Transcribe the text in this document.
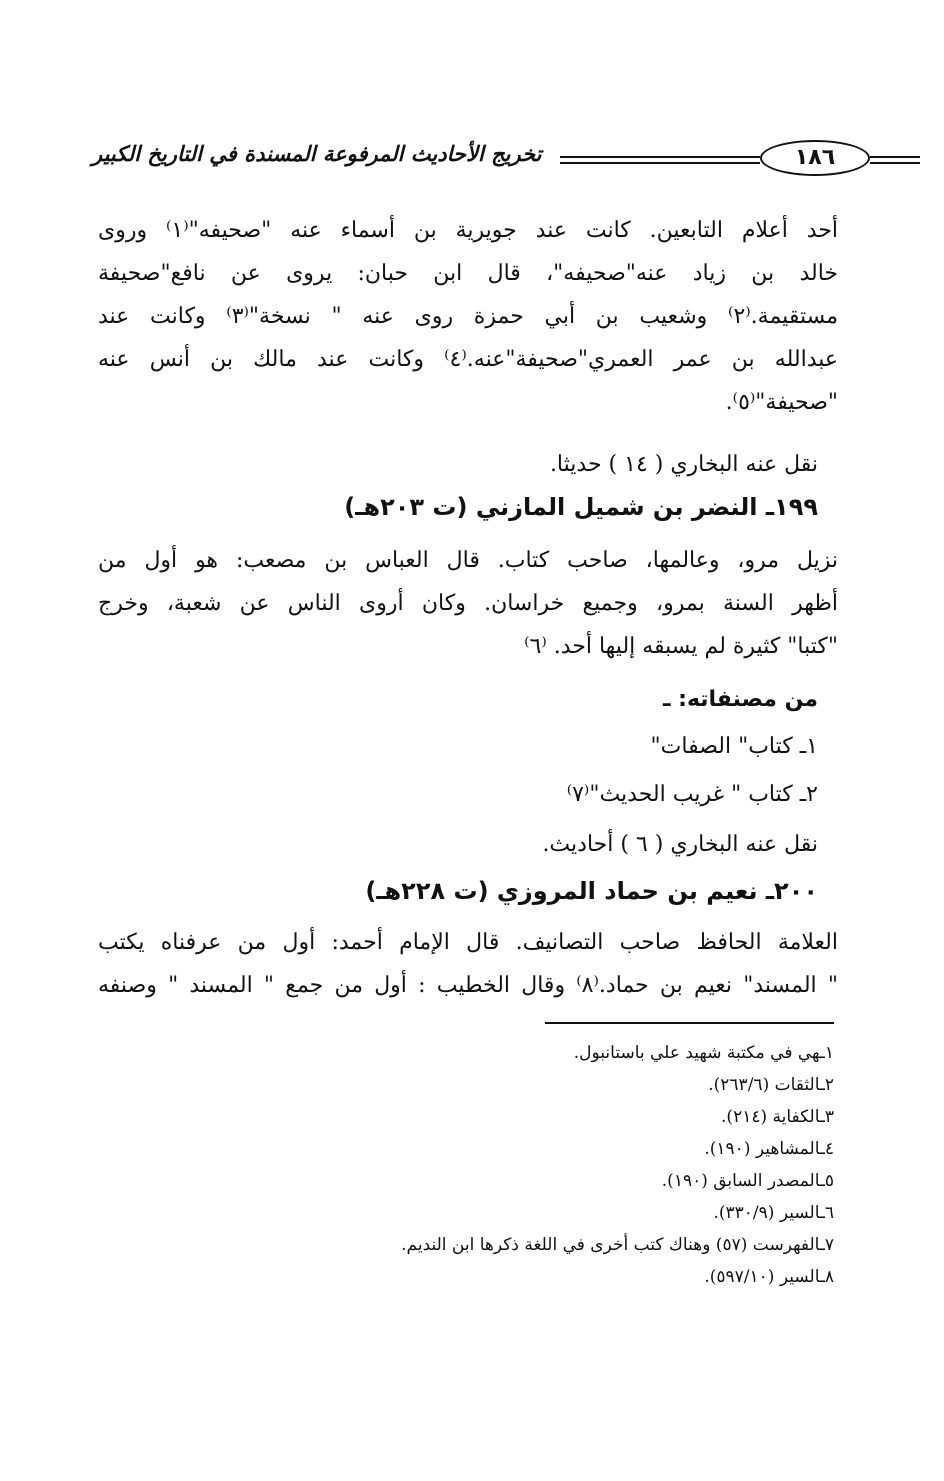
تخريج الأحاديث المرفوعة المسندة في التاريخ الكبير	١٨٦
أحد أعلام التابعين. كانت عند جويرية بن أسماء عنه "صحيفه"⁽١⁾ وروى
خالد بن زياد عنه"صحيفه"، قال ابن حبان: يروى عن نافع"صحيفة
مستقيمة.⁽٢⁾ وشعيب بن أبي حمزة روى عنه " نسخة"⁽٣⁾ وكانت عند
عبدالله بن عمر العمري"صحيفة"عنه.⁽٤⁾ وكانت عند مالك بن أنس عنه
"صحيفة"⁽٥⁾.
نقل عنه البخاري ( ١٤ ) حديثا.
١٩٩ـ النضر بن شميل المازني (ت ٢٠٣هـ)
نزيل مرو، وعالمها، صاحب كتاب. قال العباس بن مصعب: هو أول من
أظهر السنة بمرو، وجميع خراسان. وكان أروى الناس عن شعبة، وخرج
"كتبا" كثيرة لم يسبقه إليها أحد. ⁽٦⁾
من مصنفاته: ـ
١ـ كتاب" الصفات"
٢ـ كتاب " غريب الحديث"⁽٧⁾
نقل عنه البخاري ( ٦ ) أحاديث.
٢٠٠ـ نعيم بن حماد المروزي (ت ٢٢٨هـ)
العلامة الحافظ صاحب التصانيف. قال الإمام أحمد: أول من عرفناه يكتب
" المسند" نعيم بن حماد.⁽٨⁾ وقال الخطيب : أول من جمع " المسند " وصنفه
١ـهي في مكتبة شهيد علي باستانبول.
٢ـالثقات (٢٦٣/٦).
٣ـالكفاية (٢١٤).
٤ـالمشاهير (١٩٠).
٥ـالمصدر السابق (١٩٠).
٦ـالسير (٣٣٠/٩).
٧ـالفهرست (٥٧) وهناك كتب أخرى في اللغة ذكرها ابن النديم.
٨ـالسير (٥٩٧/١٠).
